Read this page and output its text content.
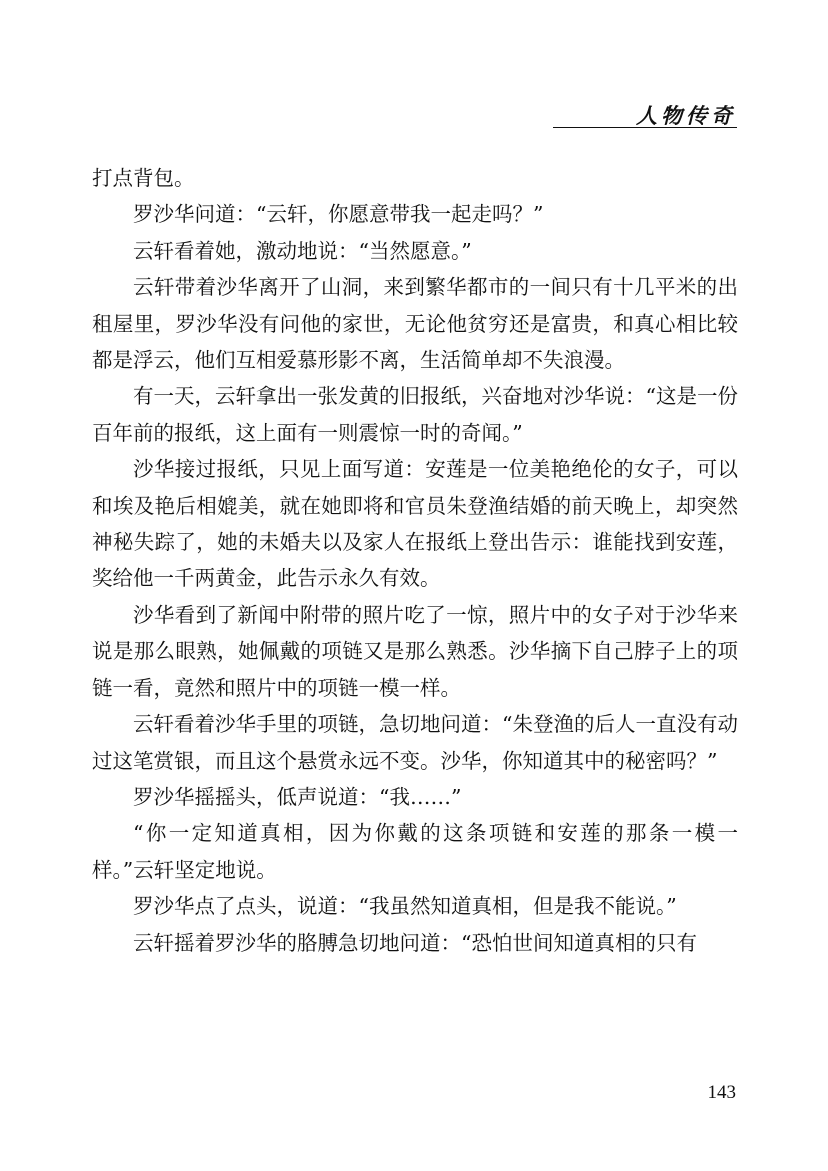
人物传奇

打点背包。

罗沙华问道：“云轩，你愿意带我一起走吗？”

云轩看着她，激动地说：“当然愿意。”

云轩带着沙华离开了山洞，来到繁华都市的一间只有十几平米的出租屋里，罗沙华没有问他的家世，无论他贫穷还是富贵，和真心相比较都是浮云，他们互相爱慕形影不离，生活简单却不失浪漫。

有一天，云轩拿出一张发黄的旧报纸，兴奋地对沙华说：“这是一份百年前的报纸，这上面有一则震惊一时的奇闻。”

沙华接过报纸，只见上面写道：安莲是一位美艳绝伦的女子，可以和埃及艳后相媲美，就在她即将和官员朱登渔结婚的前天晚上，却突然神秘失踪了，她的未婚夫以及家人在报纸上登出告示：谁能找到安莲，奖给他一千两黄金，此告示永久有效。

沙华看到了新闻中附带的照片吃了一惊，照片中的女子对于沙华来说是那么眼熟，她佩戴的项链又是那么熟悉。沙华摘下自己脖子上的项链一看，竟然和照片中的项链一模一样。

云轩看着沙华手里的项链，急切地问道：“朱登渔的后人一直没有动过这笔赏银，而且这个悬赏永远不变。沙华，你知道其中的秘密吗？”

罗沙华摇摇头，低声说道：“我……”

“你一定知道真相，因为你戴的这条项链和安莲的那条一模一样。”云轩坚定地说。

罗沙华点了点头，说道：“我虽然知道真相，但是我不能说。”

云轩摇着罗沙华的胳膊急切地问道：“恐怕世间知道真相的只有

143
